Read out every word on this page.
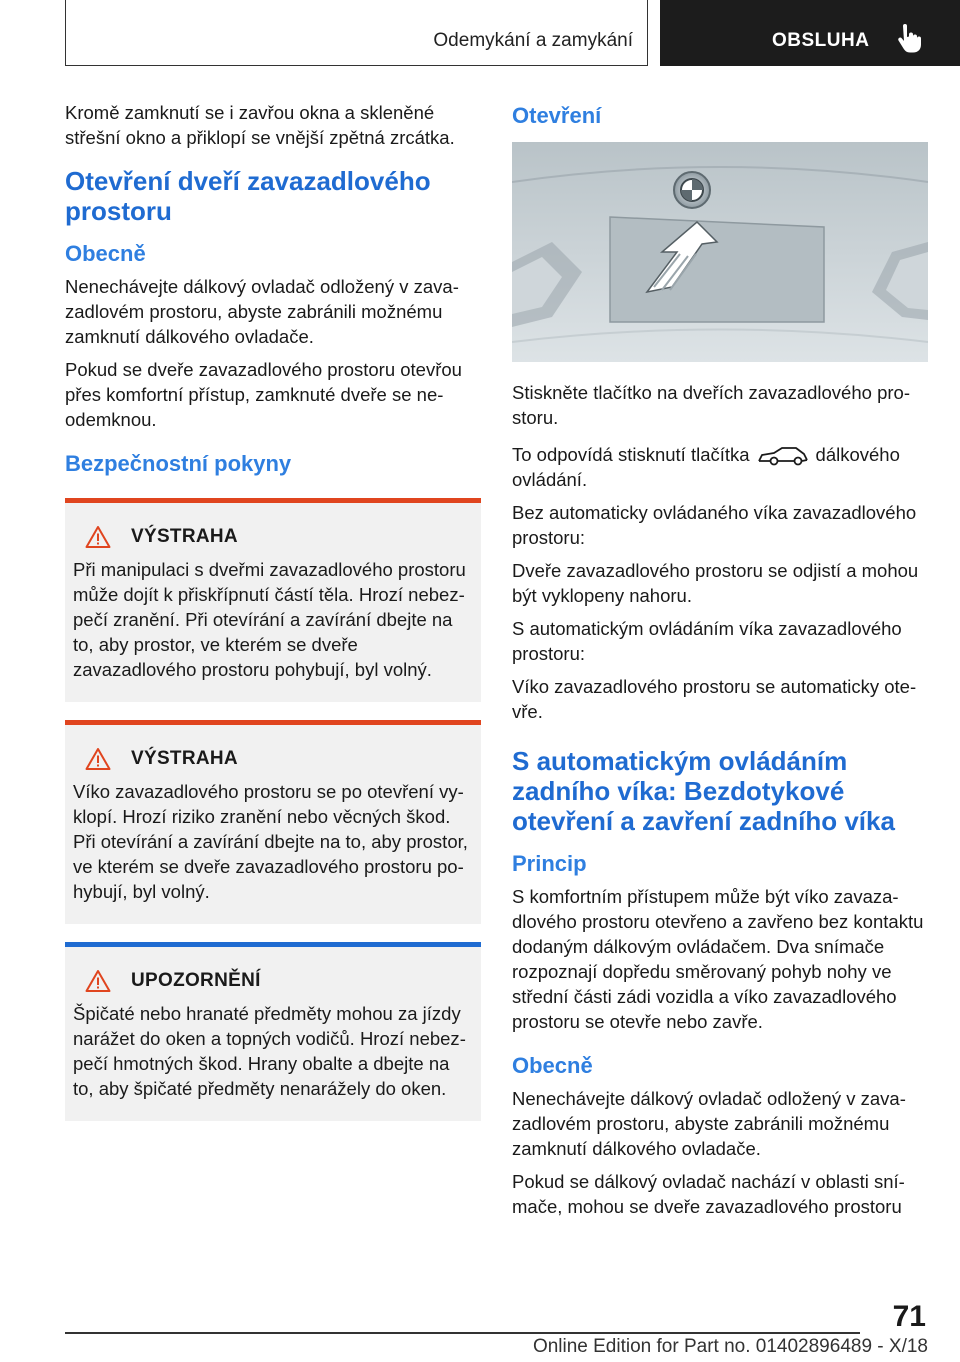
Odemykání a zamykání	OBSLUHA

Kromě zamknutí se i zavřou okna a skleněné střešní okno a přiklopí se vnější zpětná zrcátka.

Otevření dveří zavazadlového prostoru
Obecně

Nenechávejte dálkový ovladač odložený v zavazadlovém prostoru, abyste zabránili možnému zamknutí dálkového ovladače.

Pokud se dveře zavazadlového prostoru otevřou přes komfortní přístup, zamknuté dveře se neodemknou.

Bezpečnostní pokyny
VÝSTRAHA

Při manipulaci s dveřmi zavazadlového prostoru může dojít k přiskřípnutí částí těla. Hrozí nebezpečí zranění. Při otevírání a zavírání dbejte na to, aby prostor, ve kterém se dveře zavazadlového prostoru pohybují, byl volný.

VÝSTRAHA

Víko zavazadlového prostoru se po otevření vyklopí. Hrozí riziko zranění nebo věcných škod. Při otevírání a zavírání dbejte na to, aby prostor, ve kterém se dveře zavazadlového prostoru pohybují, byl volný.

UPOZORNĚNÍ

Špičaté nebo hranaté předměty mohou za jízdy narážet do oken a topných vodičů. Hrozí nebezpečí hmotných škod. Hrany obalte a dbejte na to, aby špičaté předměty nenarážely do oken.

Otevření

Stiskněte tlačítko na dveřích zavazadlového prostoru.

To odpovídá stisknutí tlačítka	dálkového ovládání.

Bez automaticky ovládaného víka zavazadlového prostoru:

Dveře zavazadlového prostoru se odjistí a mohou být vyklopeny nahoru.

S automatickým ovládáním víka zavazadlového prostoru:

Víko zavazadlového prostoru se automaticky otevře.

S automatickým ovládáním zadního víka: Bezdotykové otevření a zavření zadního víka
Princip

S komfortním přístupem může být víko zavazadlového prostoru otevřeno a zavřeno bez kontaktu dodaným dálkovým ovládačem. Dva snímače rozpoznají dopředu směrovaný pohyb nohy ve střední části zádi vozidla a víko zavazadlového prostoru se otevře nebo zavře.

Obecně

Nenechávejte dálkový ovladač odložený v zavazadlovém prostoru, abyste zabránili možnému zamknutí dálkového ovladače.

Pokud se dálkový ovladač nachází v oblasti snímače, mohou se dveře zavazadlového prostoru

71
Online Edition for Part no. 01402896489 - X/18
